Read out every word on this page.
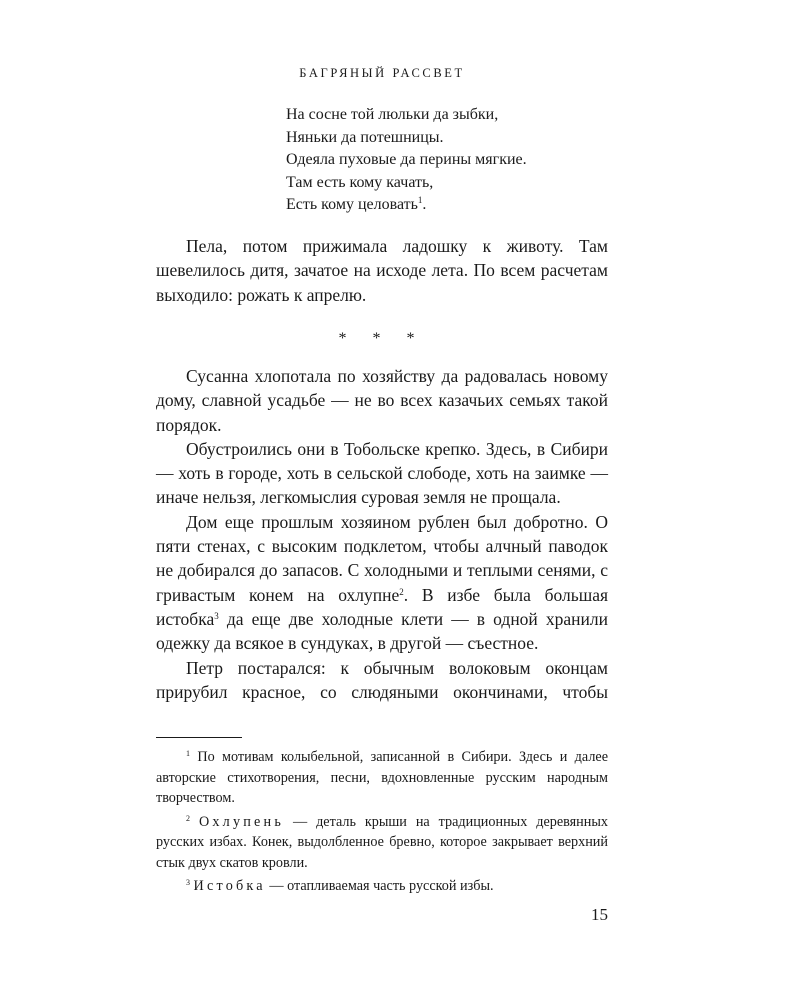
БАГРЯНЫЙ РАССВЕТ
На сосне той люльки да зыбки,
Няньки да потешницы.
Одеяла пуховые да перины мягкие.
Там есть кому качать,
Есть кому целовать$^1$.

Пела, потом прижимала ладошку к животу. Там шевелилось дитя, зачатое на исходе лета. По всем расчетам выходило: рожать к апрелю.

* * *

Сусанна хлопотала по хозяйству да радовалась новому дому, славной усадьбе — не во всех казачьих семьях такой порядок.

Обустроились они в Тобольске крепко. Здесь, в Сибири — хоть в городе, хоть в сельской слободе, хоть на заимке — иначе нельзя, легкомыслия суровая земля не прощала.

Дом еще прошлым хозяином рублен был добротно. О пяти стенах, с высоким подклетом, чтобы алчный паводок не добирался до запасов. С холодными и теплыми сенями, с гривастым конем на охлупне$^2$. В избе была большая истобка$^3$ да еще две холодные клети — в одной хранили одежку да всякое в сундуках, в другой — съестное.

Петр постарался: к обычным волоковым оконцам прирубил красное, со слюдяными окончинами, чтобы

$^1$ По мотивам колыбельной, записанной в Сибири. Здесь и далее авторские стихотворения, песни, вдохновленные русским народным творчеством.

$^2$ Охлупень — деталь крыши на традиционных деревянных русских избах. Конек, выдолбленное бревно, которое закрывает верхний стык двух скатов кровли.

$^3$ Истобка — отапливаемая часть русской избы.

15
